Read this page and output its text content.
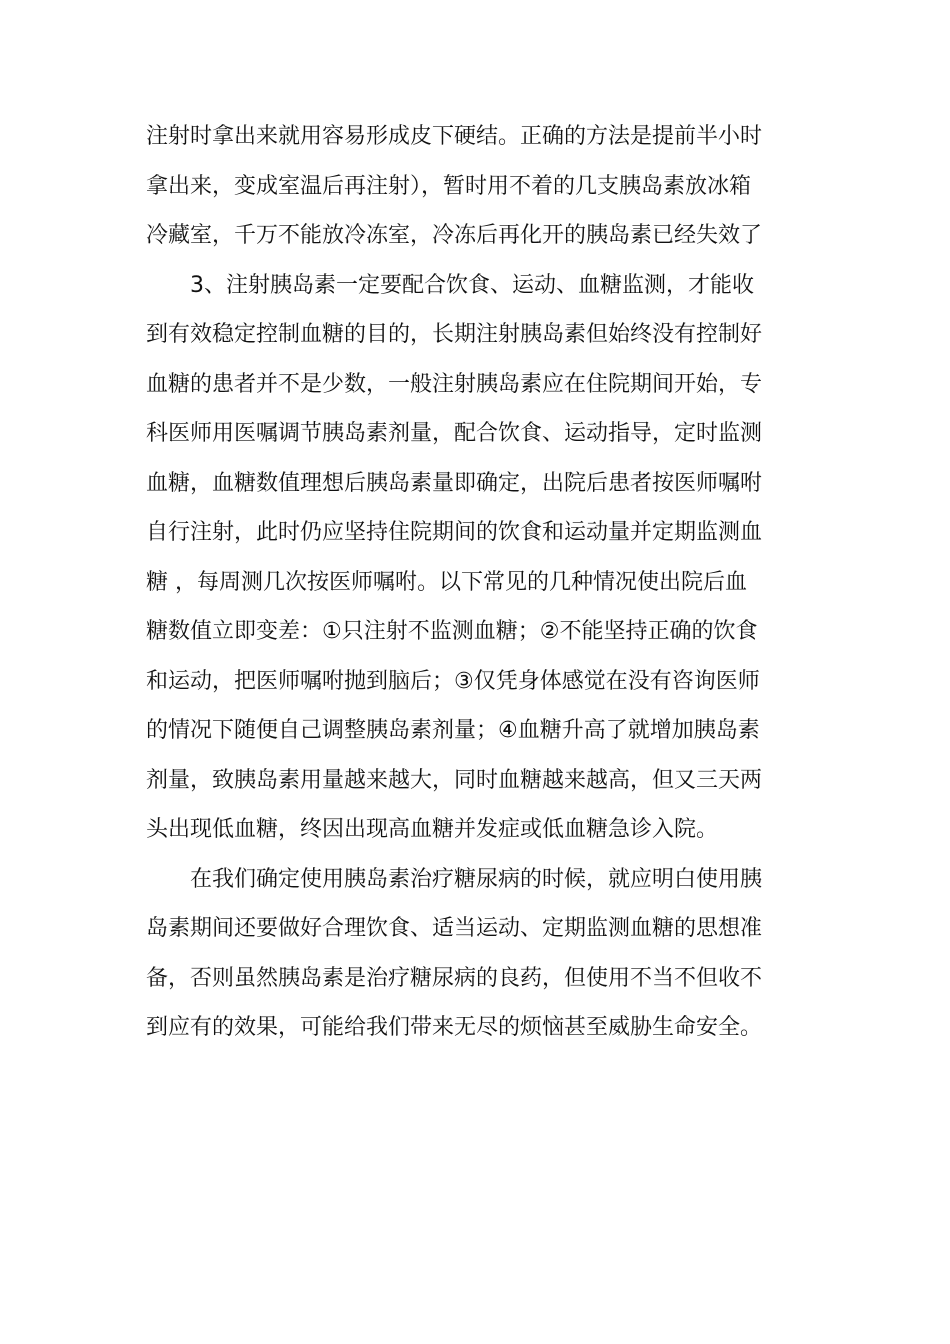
注射时拿出来就用容易形成皮下硬结。正确的方法是提前半小时
拿出来，变成室温后再注射），暂时用不着的几支胰岛素放冰箱
冷藏室，千万不能放冷冻室，冷冻后再化开的胰岛素已经失效了
3、注射胰岛素一定要配合饮食、运动、血糖监测，才能收
到有效稳定控制血糖的目的，长期注射胰岛素但始终没有控制好
血糖的患者并不是少数，一般注射胰岛素应在住院期间开始，专
科医师用医嘱调节胰岛素剂量，配合饮食、运动指导，定时监测
血糖，血糖数值理想后胰岛素量即确定，出院后患者按医师嘱咐
自行注射，此时仍应坚持住院期间的饮食和运动量并定期监测血
糖 ，每周测几次按医师嘱咐。以下常见的几种情况使出院后血
糖数值立即变差：①只注射不监测血糖；②不能坚持正确的饮食
和运动，把医师嘱咐抛到脑后；③仅凭身体感觉在没有咨询医师
的情况下随便自己调整胰岛素剂量；④血糖升高了就增加胰岛素
剂量，致胰岛素用量越来越大，同时血糖越来越高，但又三天两
头出现低血糖，终因出现高血糖并发症或低血糖急诊入院。
在我们确定使用胰岛素治疗糖尿病的时候，就应明白使用胰
岛素期间还要做好合理饮食、适当运动、定期监测血糖的思想准
备，否则虽然胰岛素是治疗糖尿病的良药，但使用不当不但收不
到应有的效果，可能给我们带来无尽的烦恼甚至威胁生命安全。
